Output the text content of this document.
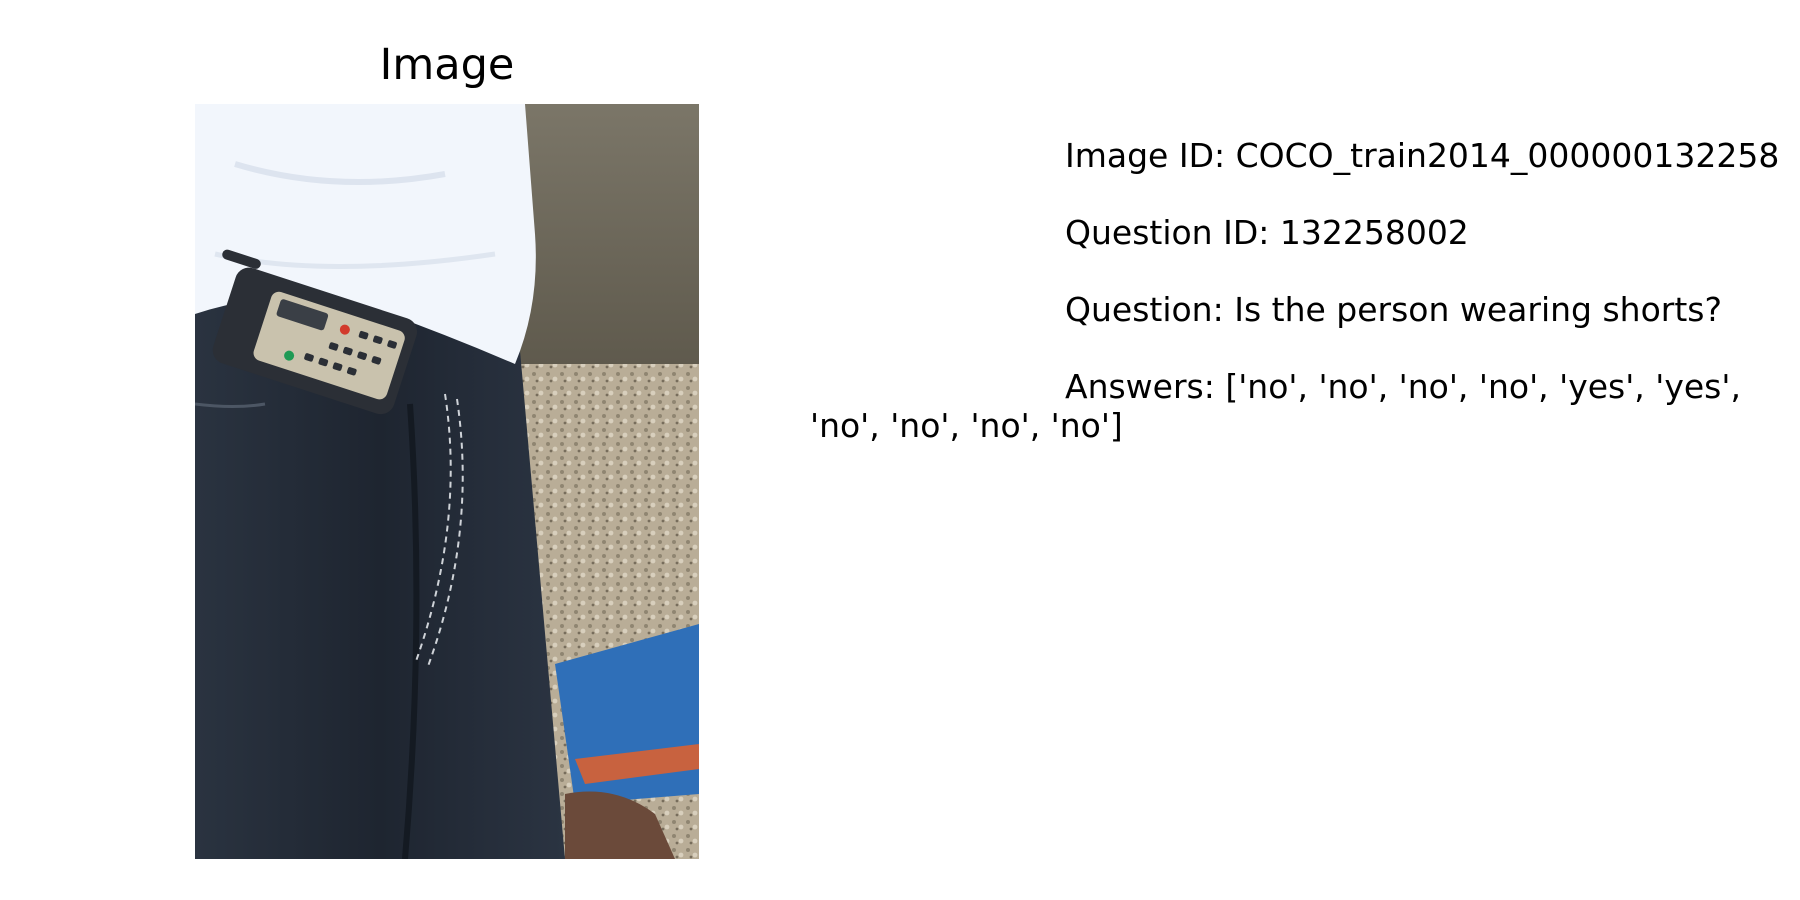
Image

Image ID: COCO_train2014_000000132258

Question ID: 132258002

Question: Is the person wearing shorts?

Answers: ['no', 'no', 'no', 'no', 'yes', 'yes', 'no', 'no', 'no', 'no']
